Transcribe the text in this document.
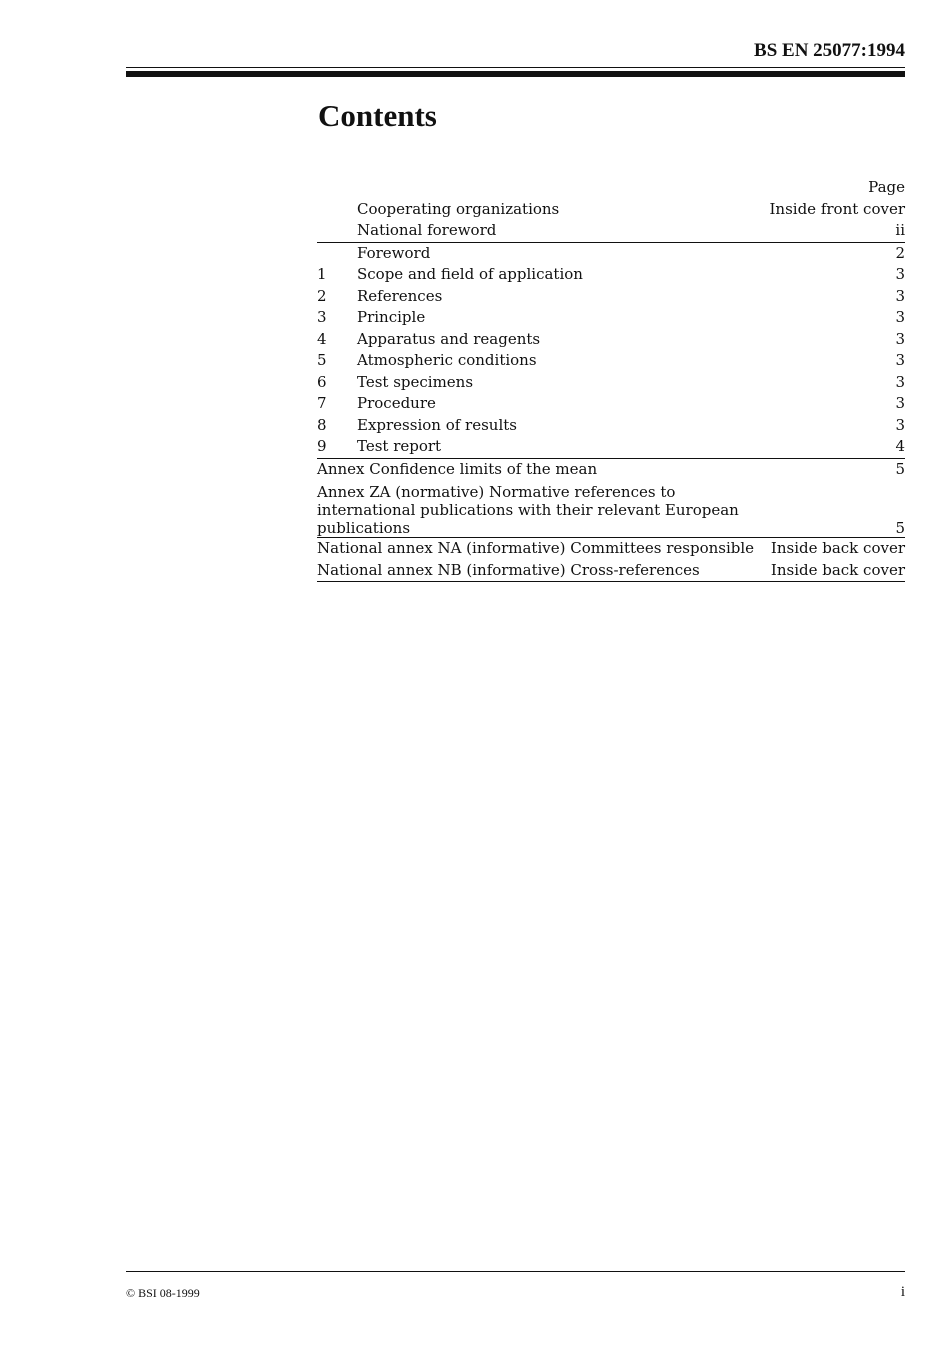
BS EN 25077:1994
Contents
		Page
	Cooperating organizations	Inside front cover
	National foreword	ii
	Foreword	2
1	Scope and field of application	3
2	References	3
3	Principle	3
4	Apparatus and reagents	3
5	Atmospheric conditions	3
6	Test specimens	3
7	Procedure	3
8	Expression of results	3
9	Test report	4
Annex Confidence limits of the mean		5
Annex ZA (normative) Normative references to international publications with their relevant European publications		5
National annex NA (informative) Committees responsible		Inside back cover
National annex NB (informative) Cross-references		Inside back cover
© BSI 08-1999	i
